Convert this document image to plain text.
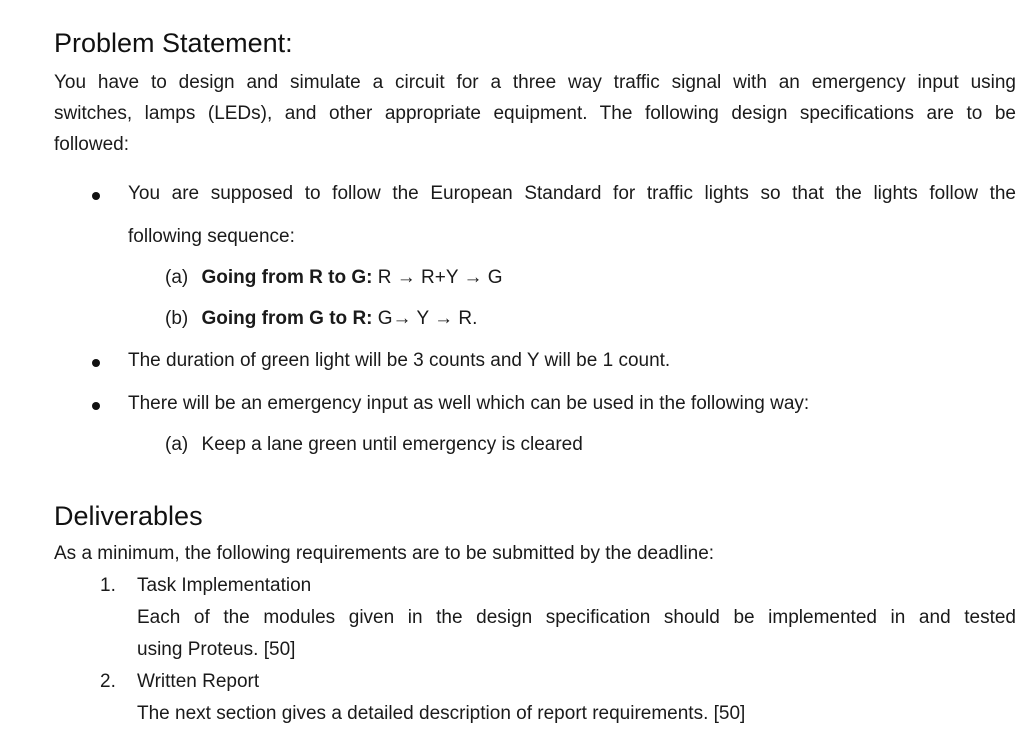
Problem Statement:
You have to design and simulate a circuit for a three way traffic signal with an emergency input using
switches, lamps (LEDs), and other appropriate equipment. The following design specifications are to be
followed:
You are supposed to follow the European Standard for traffic lights so that the lights follow the
following sequence:
(a) Going from R to G: R → R+Y → G
(b) Going from G to R: G→ Y → R.
The duration of green light will be 3 counts and Y will be 1 count.
There will be an emergency input as well which can be used in the following way:
(a) Keep a lane green until emergency is cleared
Deliverables
As a minimum, the following requirements are to be submitted by the deadline:
1. Task Implementation
Each of the modules given in the design specification should be implemented in and tested
using Proteus. [50]
2. Written Report
The next section gives a detailed description of report requirements. [50]
